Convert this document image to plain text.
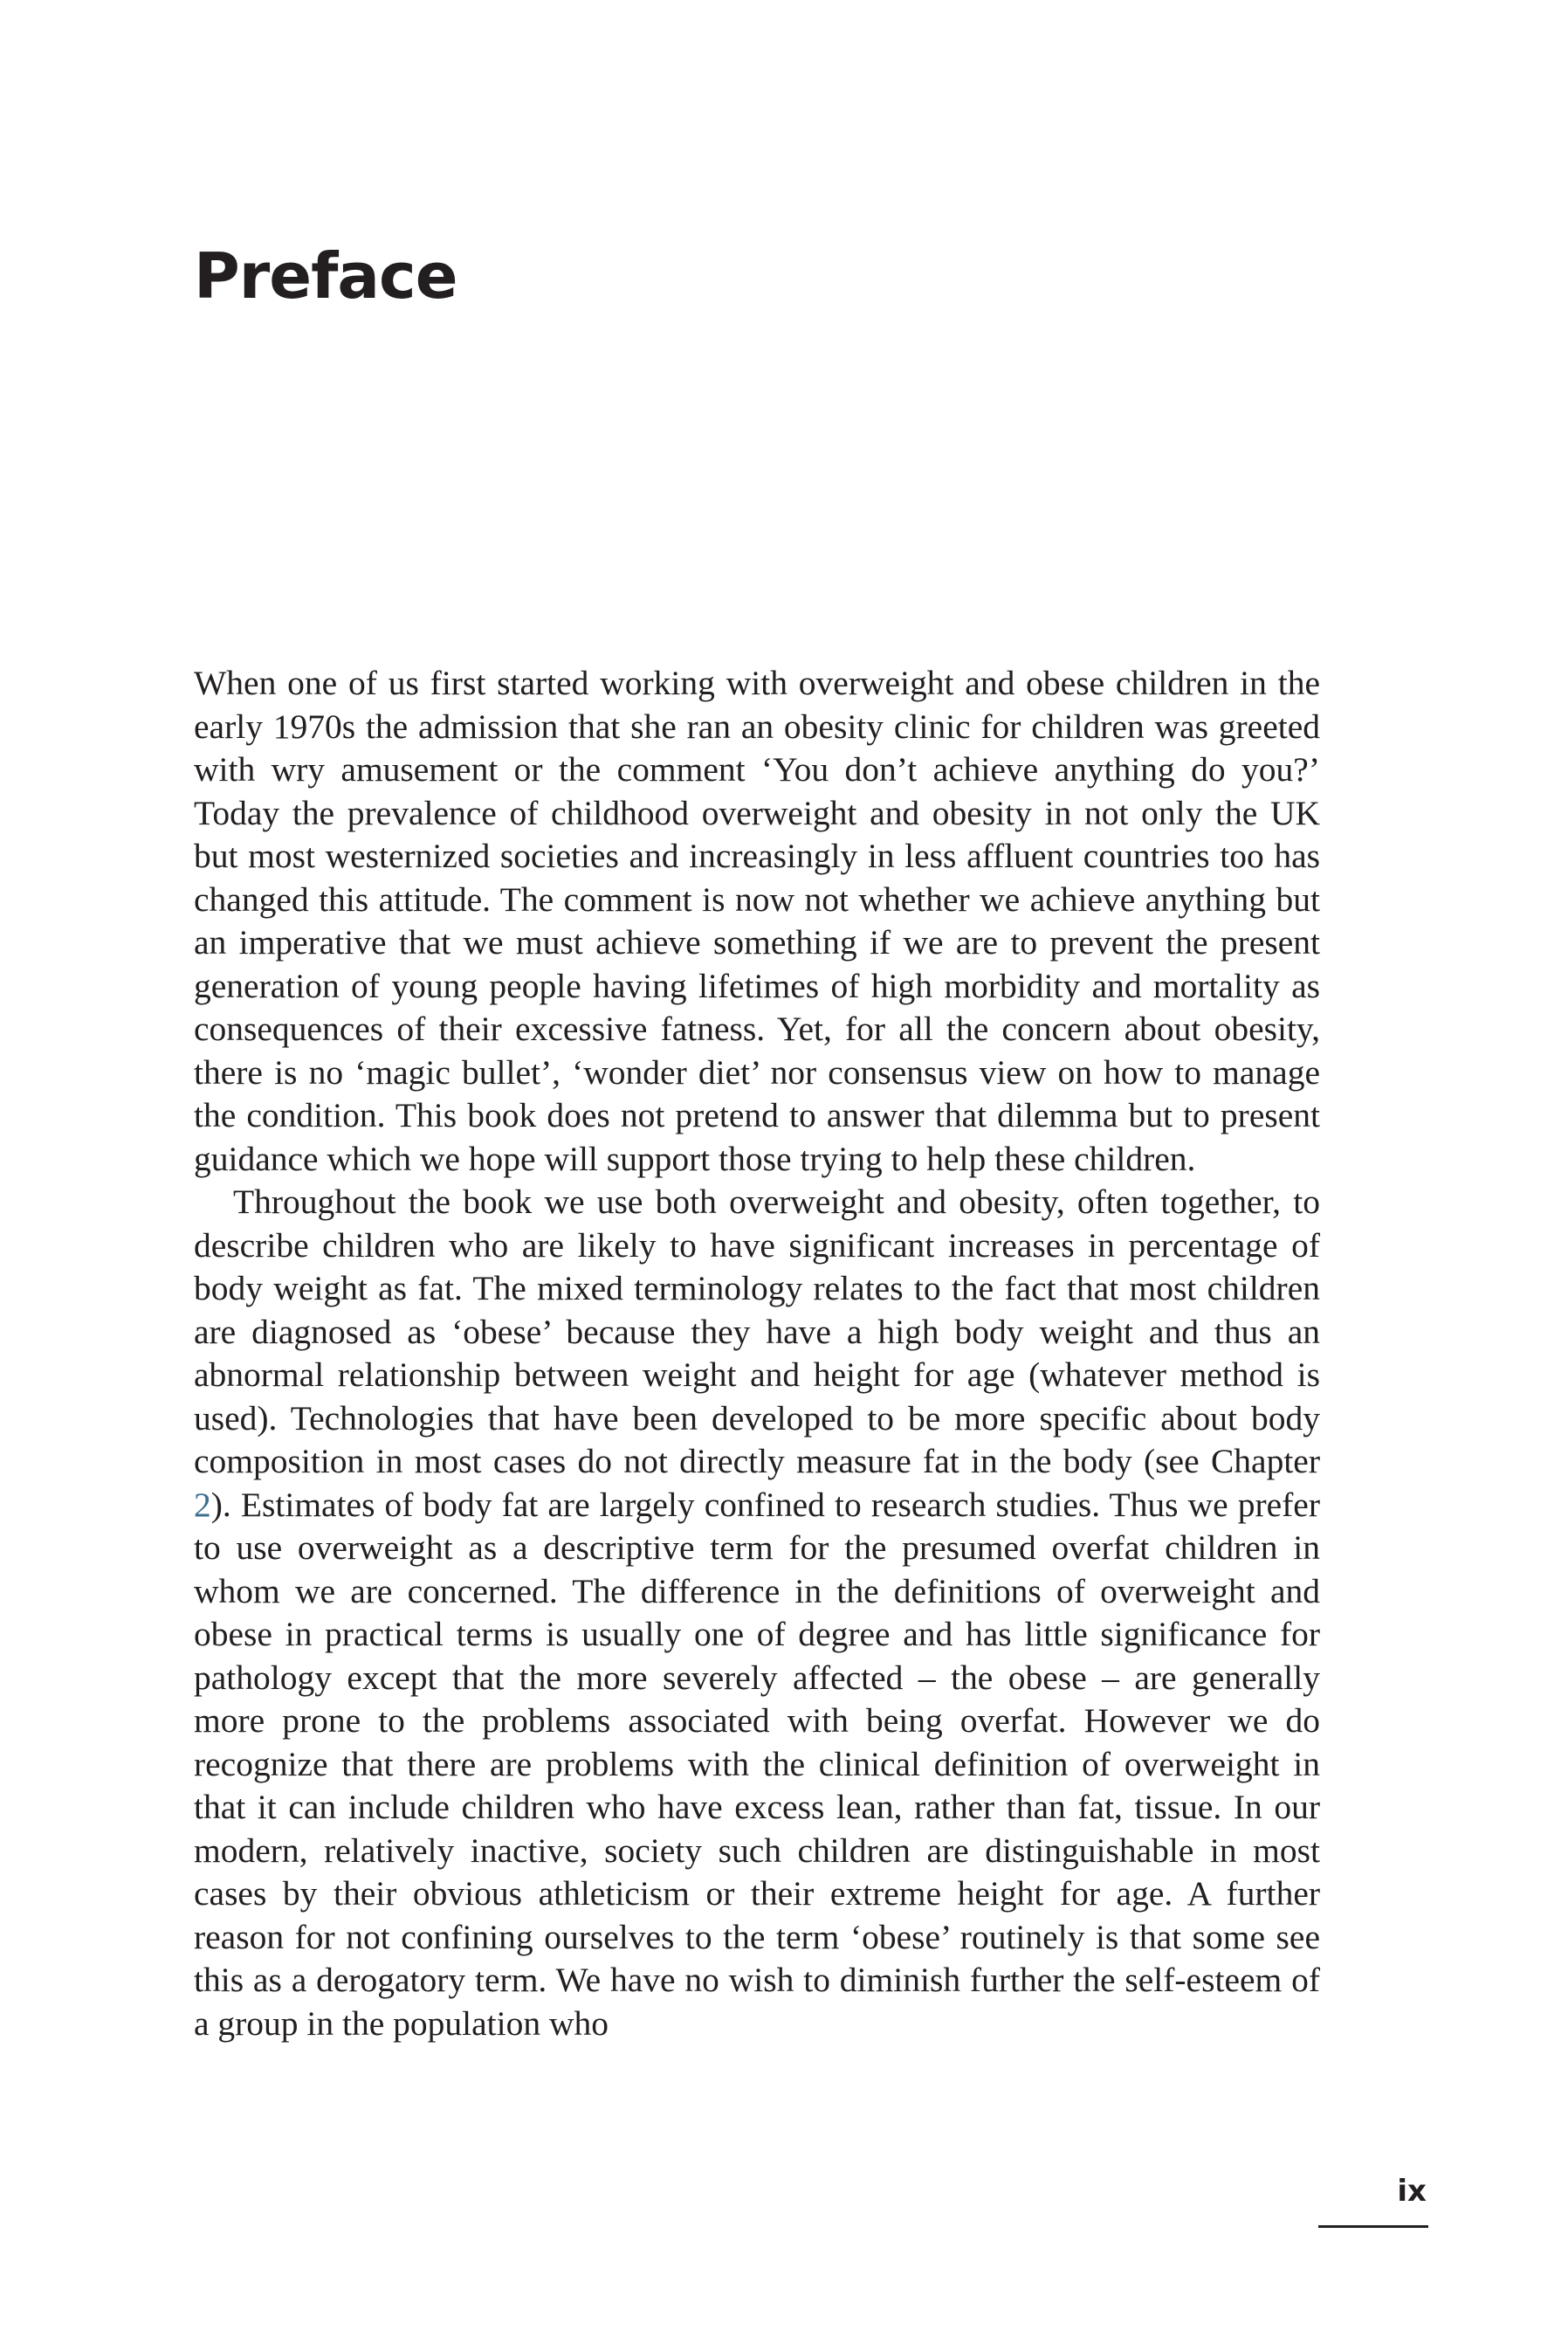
Preface

When one of us first started working with overweight and obese children in the early 1970s the admission that she ran an obesity clinic for children was greeted with wry amusement or the comment ‘You don’t achieve anything do you?’ Today the prevalence of childhood overweight and obesity in not only the UK but most westernized societies and increasingly in less affluent countries too has changed this attitude. The comment is now not whether we achieve anything but an imperative that we must achieve something if we are to prevent the present generation of young people having lifetimes of high morbidity and mortality as consequences of their excessive fatness. Yet, for all the concern about obesity, there is no ‘magic bullet’, ‘wonder diet’ nor consensus view on how to manage the condition. This book does not pretend to answer that dilemma but to present guidance which we hope will support those trying to help these children.

Throughout the book we use both overweight and obesity, often together, to describe children who are likely to have significant increases in percentage of body weight as fat. The mixed terminology relates to the fact that most children are diagnosed as ‘obese’ because they have a high body weight and thus an abnormal relationship between weight and height for age (whatever method is used). Technologies that have been developed to be more specific about body composition in most cases do not directly measure fat in the body (see Chapter 2). Estimates of body fat are largely confined to research studies. Thus we prefer to use overweight as a descriptive term for the presumed overfat children in whom we are concerned. The difference in the definitions of overweight and obese in practical terms is usually one of degree and has little significance for pathology except that the more severely affected – the obese – are generally more prone to the problems associated with being overfat. However we do recognize that there are problems with the clinical definition of overweight in that it can include children who have excess lean, rather than fat, tissue. In our modern, relatively inactive, society such children are distinguishable in most cases by their obvious athleticism or their extreme height for age. A further reason for not confining ourselves to the term ‘obese’ routinely is that some see this as a derogatory term. We have no wish to diminish further the self-esteem of a group in the population who

ix
